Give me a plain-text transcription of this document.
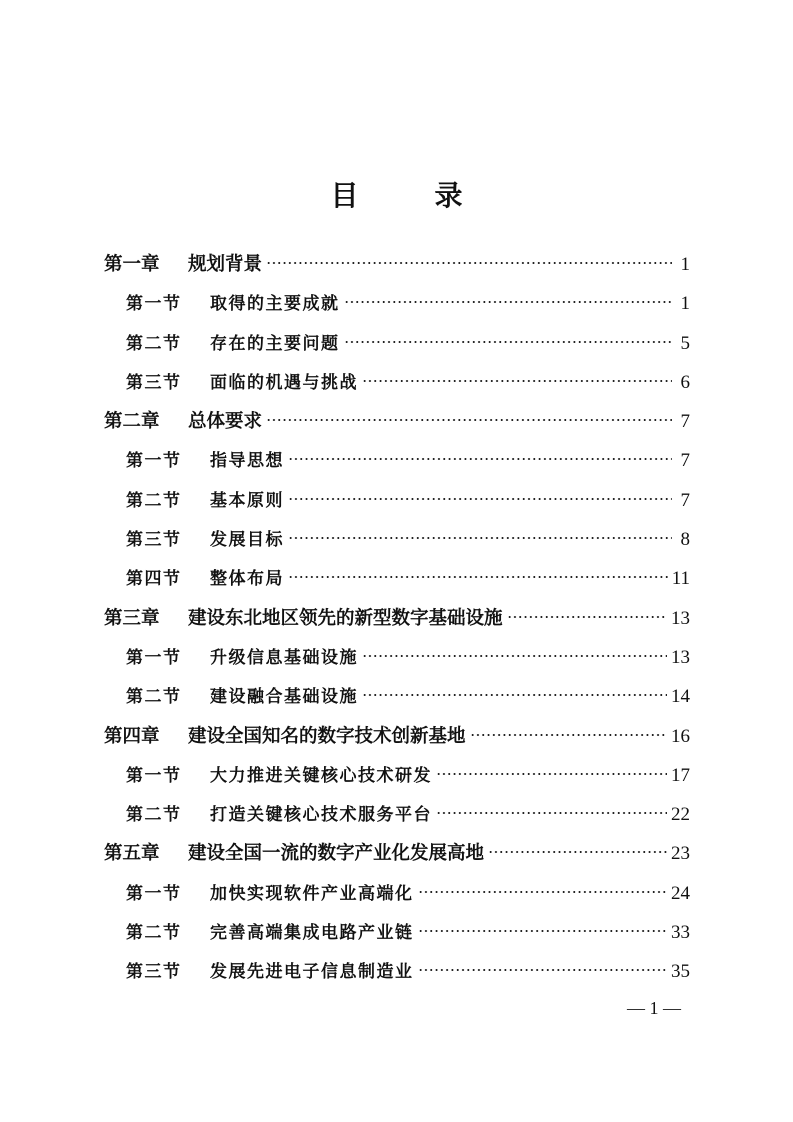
目录
第一章	规划背景	1
第一节	取得的主要成就	1
第二节	存在的主要问题	5
第三节	面临的机遇与挑战	6
第二章	总体要求	7
第一节	指导思想	7
第二节	基本原则	7
第三节	发展目标	8
第四节	整体布局	11
第三章	建设东北地区领先的新型数字基础设施	13
第一节	升级信息基础设施	13
第二节	建设融合基础设施	14
第四章	建设全国知名的数字技术创新基地	16
第一节	大力推进关键核心技术研发	17
第二节	打造关键核心技术服务平台	22
第五章	建设全国一流的数字产业化发展高地	23
第一节	加快实现软件产业高端化	24
第二节	完善高端集成电路产业链	33
第三节	发展先进电子信息制造业	35
— 1 —
